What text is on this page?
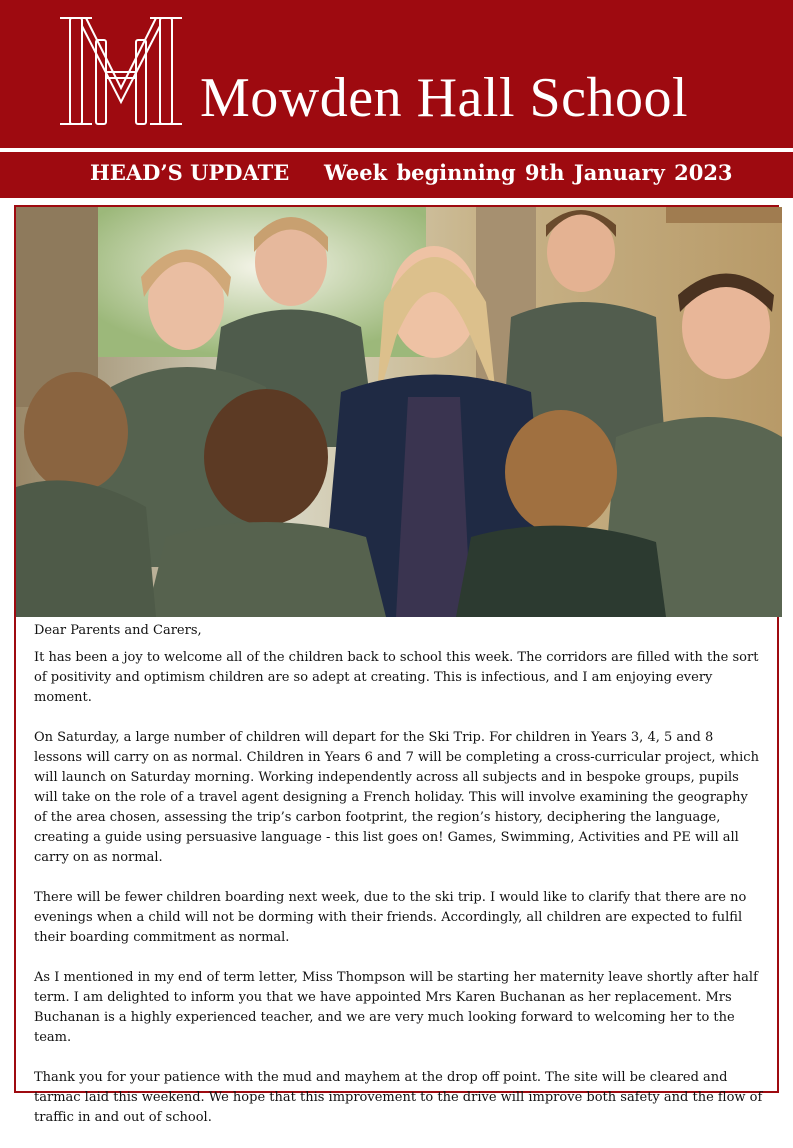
Mowden Hall School
HEAD’S UPDATE Week beginning 9th January 2023

Dear Parents and Carers,

It has been a joy to welcome all of the children back to school this week. The corridors are filled with the sort of positivity and optimism children are so adept at creating. This is infectious, and I am enjoying every moment.

On Saturday, a large number of children will depart for the Ski Trip. For children in Years 3, 4, 5 and 8 lessons will carry on as normal. Children in Years 6 and 7 will be completing a cross-curricular project, which will launch on Saturday morning. Working independently across all subjects and in bespoke groups, pupils will take on the role of a travel agent designing a French holiday. This will involve examining the geography of the area chosen, assessing the trip’s carbon footprint, the region’s history, deciphering the language, creating a guide using persuasive language - this list goes on! Games, Swimming, Activities and PE will all carry on as normal.

There will be fewer children boarding next week, due to the ski trip. I would like to clarify that there are no evenings when a child will not be dorming with their friends. Accordingly, all children are expected to fulfil their boarding commitment as normal.

As I mentioned in my end of term letter, Miss Thompson will be starting her maternity leave shortly after half term. I am delighted to inform you that we have appointed Mrs Karen Buchanan as her replacement. Mrs Buchanan is a highly experienced teacher, and we are very much looking forward to welcoming her to the team.

Thank you for your patience with the mud and mayhem at the drop off point. The site will be cleared and tarmac laid this weekend. We hope that this improvement to the drive will improve both safety and the flow of traffic in and out of school.
